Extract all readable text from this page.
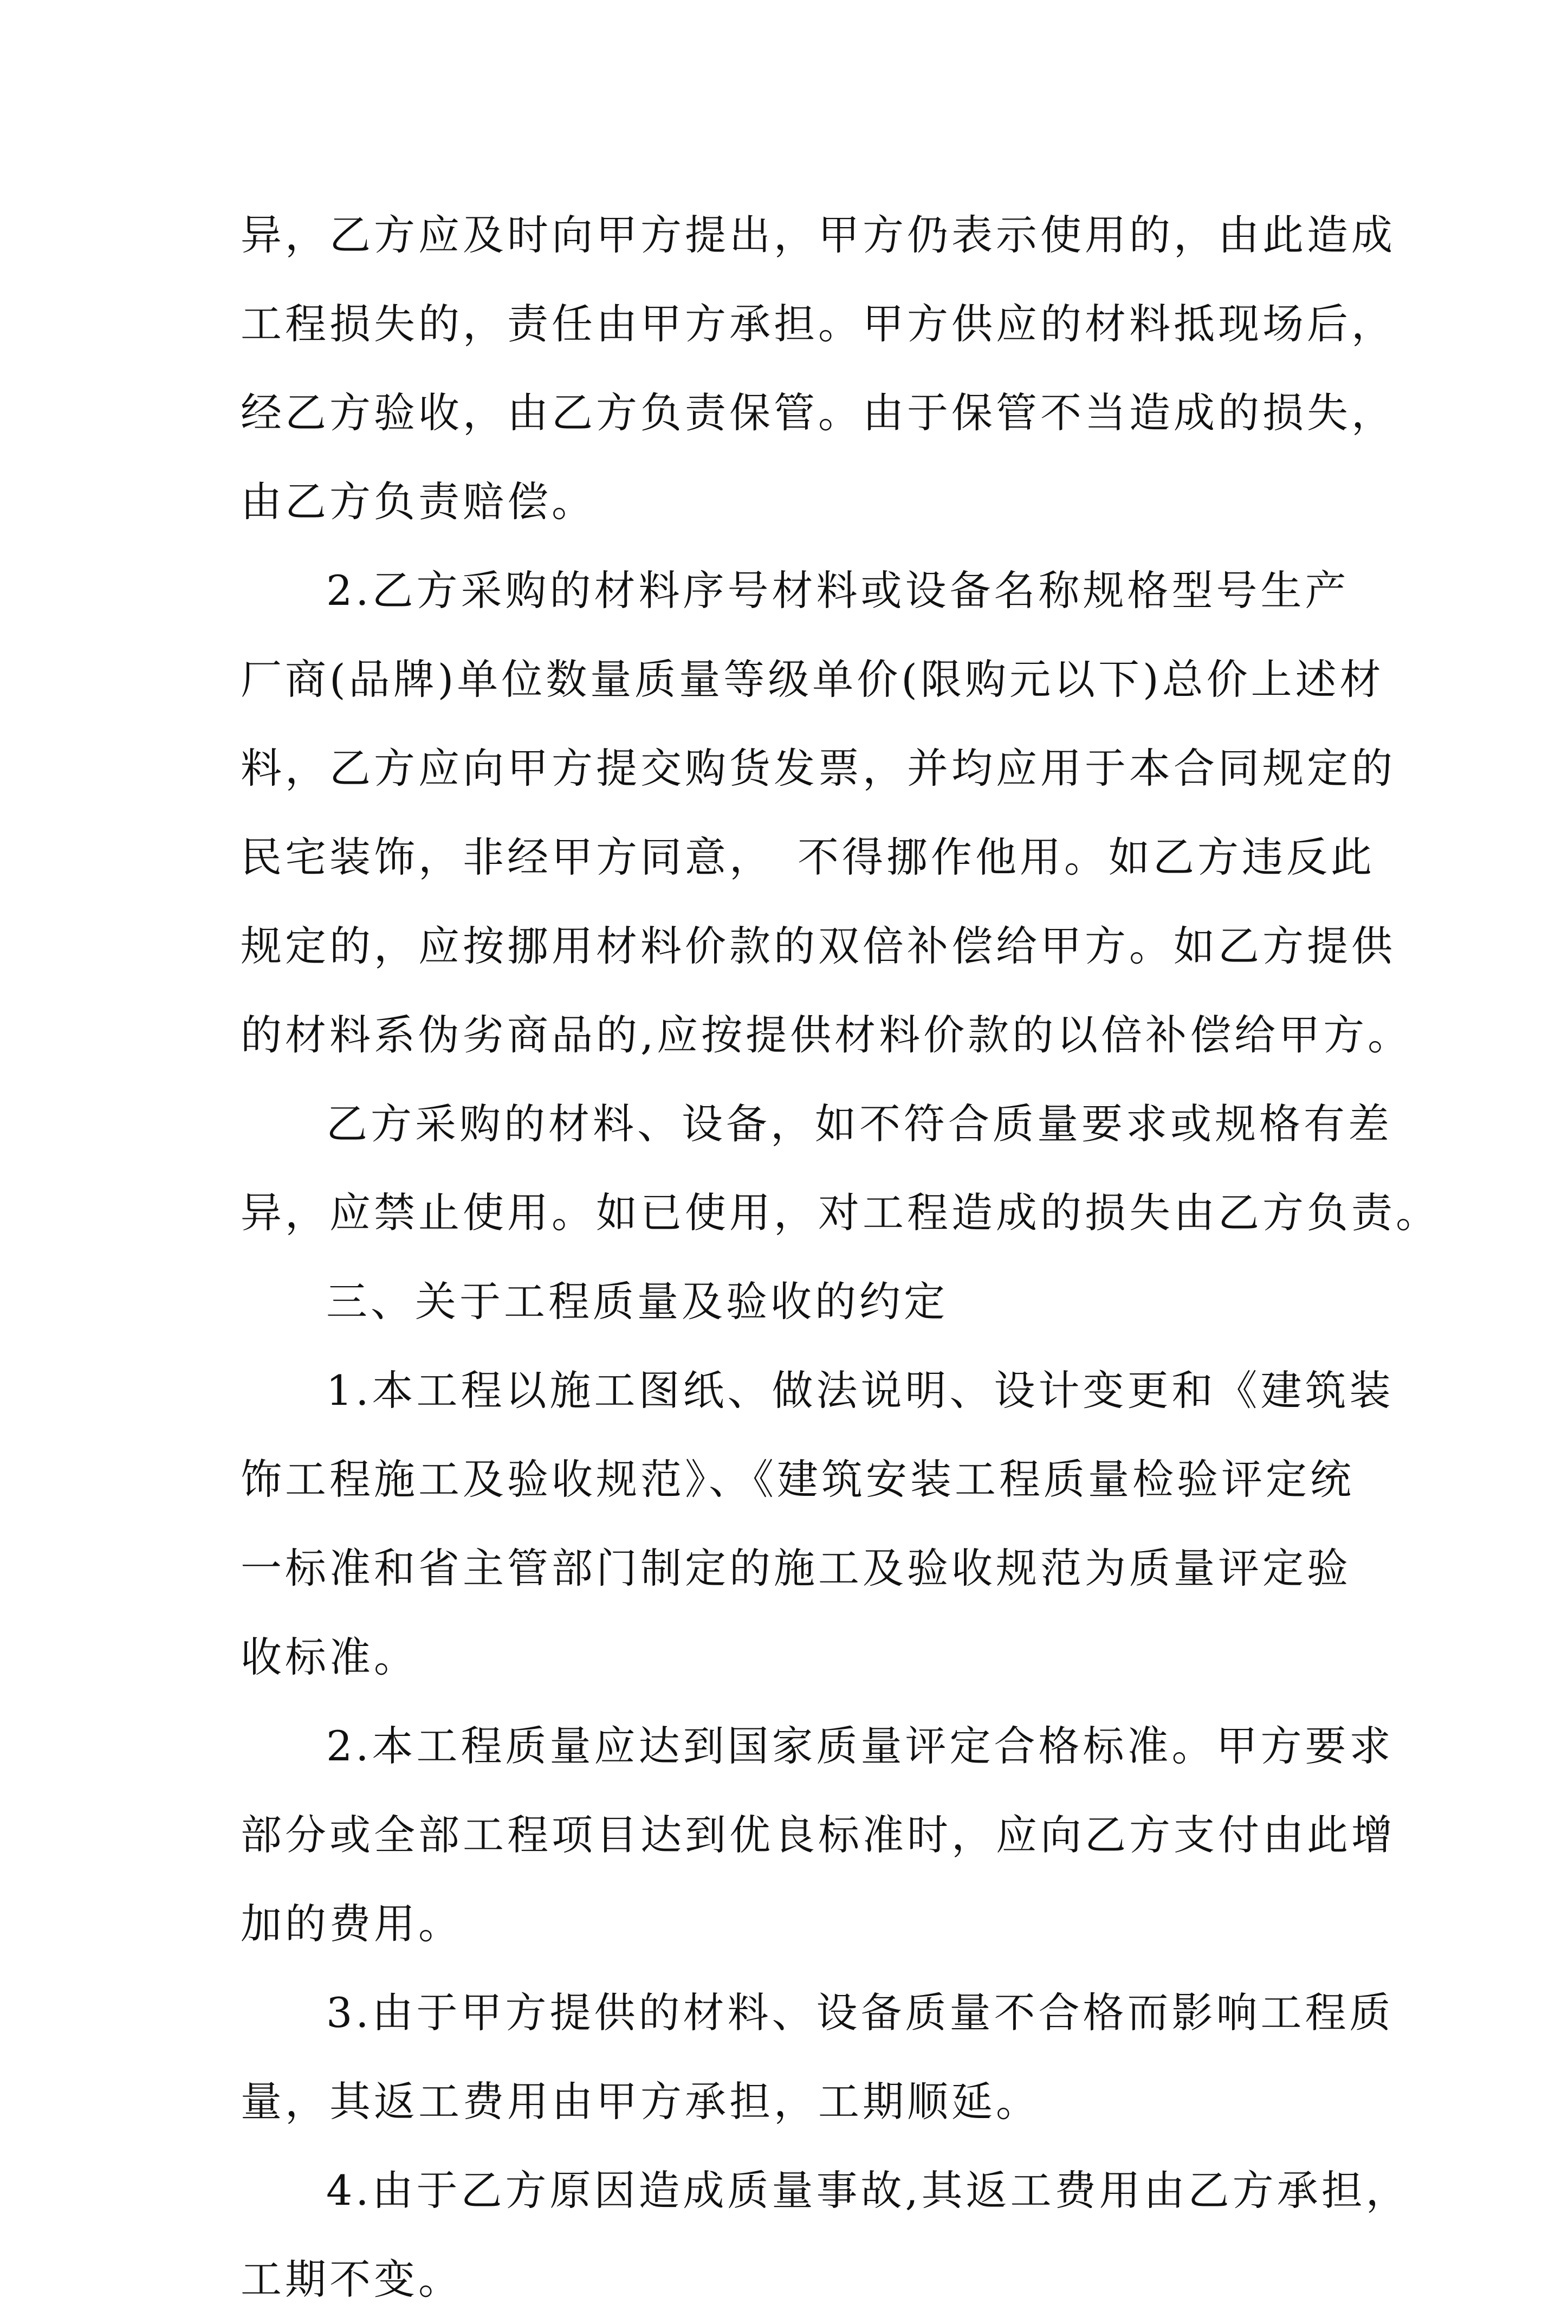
异，乙方应及时向甲方提出，甲方仍表示使用的，由此造成
工程损失的，责任由甲方承担。甲方供应的材料抵现场后，
经乙方验收，由乙方负责保管。由于保管不当造成的损失，
由乙方负责赔偿。
2.乙方采购的材料序号材料或设备名称规格型号生产
厂商(品牌)单位数量质量等级单价(限购元以下)总价上述材
料，乙方应向甲方提交购货发票，并均应用于本合同规定的
民宅装饰，非经甲方同意，　不得挪作他用。如乙方违反此
规定的，应按挪用材料价款的双倍补偿给甲方。如乙方提供
的材料系伪劣商品的,应按提供材料价款的以倍补偿给甲方。
乙方采购的材料、设备，如不符合质量要求或规格有差
异，应禁止使用。如已使用，对工程造成的损失由乙方负责。
三、关于工程质量及验收的约定
1.本工程以施工图纸、做法说明、设计变更和《建筑装
饰工程施工及验收规范》、《建筑安装工程质量检验评定统
一标准和省主管部门制定的施工及验收规范为质量评定验
收标准。
2.本工程质量应达到国家质量评定合格标准。甲方要求
部分或全部工程项目达到优良标准时，应向乙方支付由此增
加的费用。
3.由于甲方提供的材料、设备质量不合格而影响工程质
量，其返工费用由甲方承担，工期顺延。
4.由于乙方原因造成质量事故,其返工费用由乙方承担，
工期不变。
